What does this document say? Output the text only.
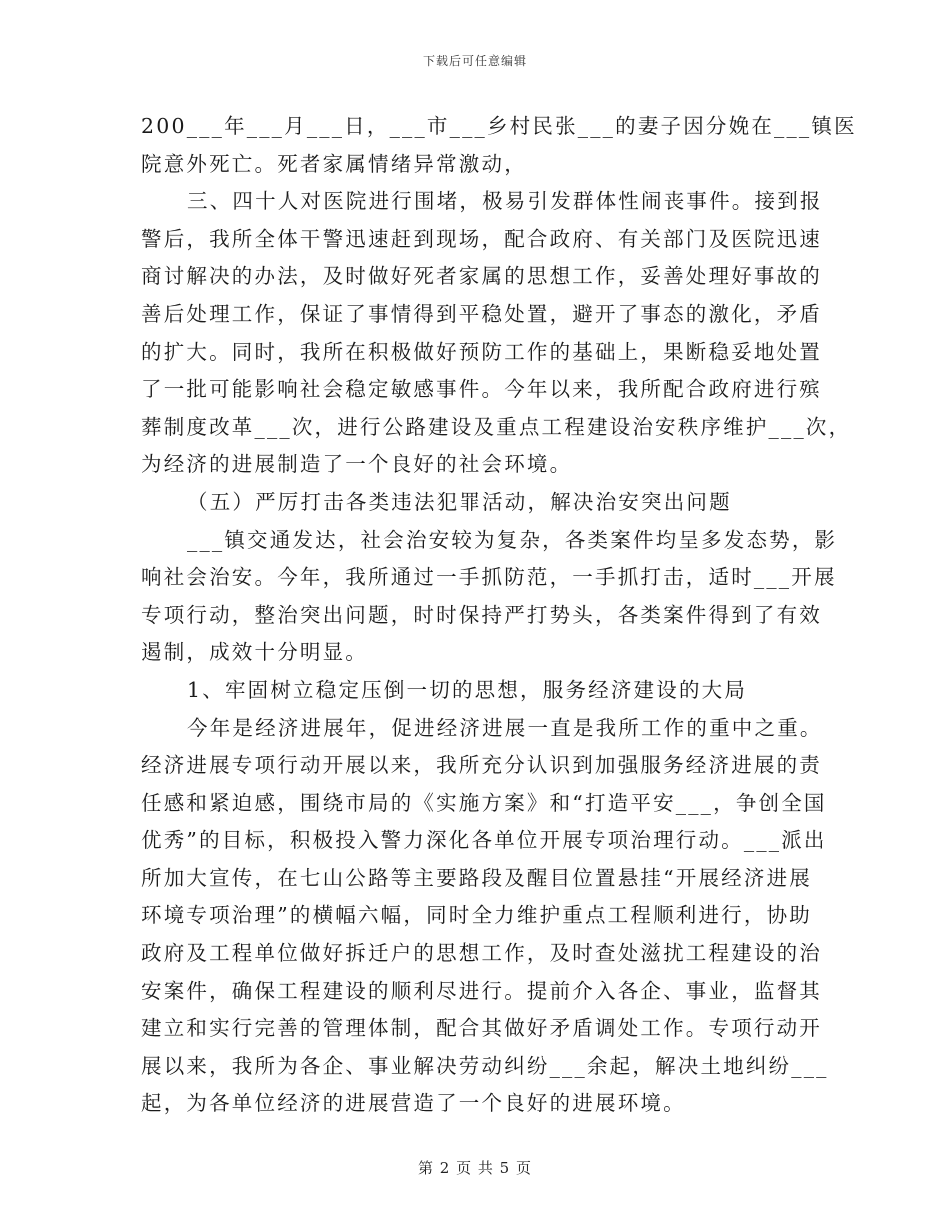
下载后可任意编辑
200___年___月___日，___市___乡村民张___的妻子因分娩在___镇医
院意外死亡。死者家属情绪异常激动，
三、四十人对医院进行围堵，极易引发群体性闹丧事件。接到报
警后，我所全体干警迅速赶到现场，配合政府、有关部门及医院迅速
商讨解决的办法，及时做好死者家属的思想工作，妥善处理好事故的
善后处理工作，保证了事情得到平稳处置，避开了事态的激化，矛盾
的扩大。同时，我所在积极做好预防工作的基础上，果断稳妥地处置
了一批可能影响社会稳定敏感事件。今年以来，我所配合政府进行殡
葬制度改革___次，进行公路建设及重点工程建设治安秩序维护___次，
为经济的进展制造了一个良好的社会环境。
（五）严厉打击各类违法犯罪活动，解决治安突出问题
___镇交通发达，社会治安较为复杂，各类案件均呈多发态势，影
响社会治安。今年，我所通过一手抓防范，一手抓打击，适时___开展
专项行动，整治突出问题，时时保持严打势头，各类案件得到了有效
遏制，成效十分明显。
1、牢固树立稳定压倒一切的思想，服务经济建设的大局
今年是经济进展年，促进经济进展一直是我所工作的重中之重。
经济进展专项行动开展以来，我所充分认识到加强服务经济进展的责
任感和紧迫感，围绕市局的《实施方案》和“打造平安___，争创全国
优秀”的目标，积极投入警力深化各单位开展专项治理行动。___派出
所加大宣传，在七山公路等主要路段及醒目位置悬挂“开展经济进展
环境专项治理”的横幅六幅，同时全力维护重点工程顺利进行，协助
政府及工程单位做好拆迁户的思想工作，及时查处滋扰工程建设的治
安案件，确保工程建设的顺利尽进行。提前介入各企、事业，监督其
建立和实行完善的管理体制，配合其做好矛盾调处工作。专项行动开
展以来，我所为各企、事业解决劳动纠纷___余起，解决土地纠纷___
起，为各单位经济的进展营造了一个良好的进展环境。
第 2 页 共 5 页
